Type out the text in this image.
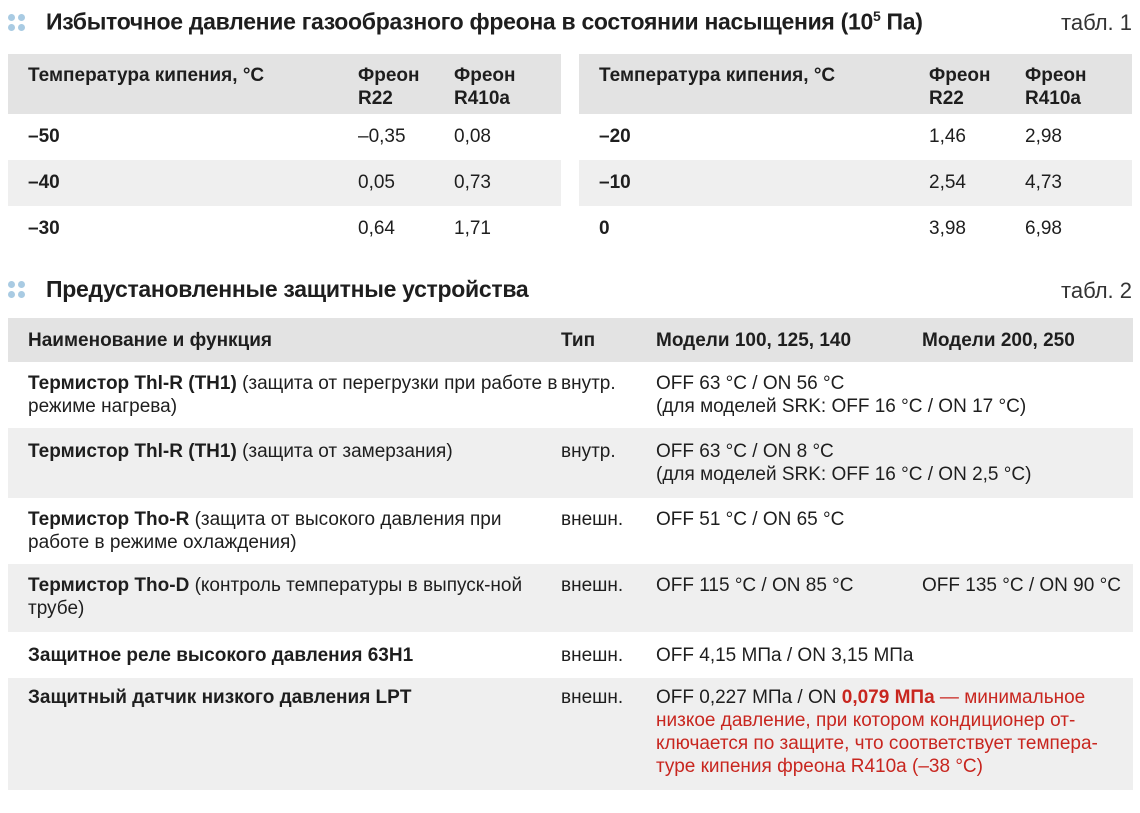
Избыточное давление газообразного фреона в состоянии насыщения ($10^5$ Па)	табл. 1
Температура кипения, °C	Фреон R22	Фреон R410a
–50	–0,35	0,08
–40	0,05	0,73
–30	0,64	1,71
Температура кипения, °C	Фреон R22	Фреон R410a
–20	1,46	2,98
–10	2,54	4,73
0	3,98	6,98
Предустановленные защитные устройства	табл. 2
Наименование и функция	Тип	Модели 100, 125, 140	Модели 200, 250
Термистор Thl-R (TH1) (защита от перегрузки при работе в режиме нагрева)	внутр.	OFF 63 °C / ON 56 °C
(для моделей SRK: OFF 16 °C / ON 17 °C)	

Термистор Thl-R (TH1) (защита от замерзания)	внутр.	OFF 63 °C / ON 8 °C
(для моделей SRK: OFF 16 °C / ON 2,5 °C)	

Термистор Tho-R (защита от высокого давления при работе в режиме охлаждения)	внешн.	OFF 51 °C / ON 65 °C	

Термистор Tho-D (контроль температуры в выпуск-ной трубе)	внешн.	OFF 115 °C / ON 85 °C	OFF 135 °C / ON 90 °C
Защитное реле высокого давления 63H1	внешн.	OFF 4,15 МПа / ON 3,15 МПа	
Защитный датчик низкого давления LPT	внешн.	OFF 0,227 МПа / ON 0,079 МПа — минимальное низкое давление, при котором кондиционер от-ключается по защите, что соответствует темпера-туре кипения фреона R410a (–38 °C)	
